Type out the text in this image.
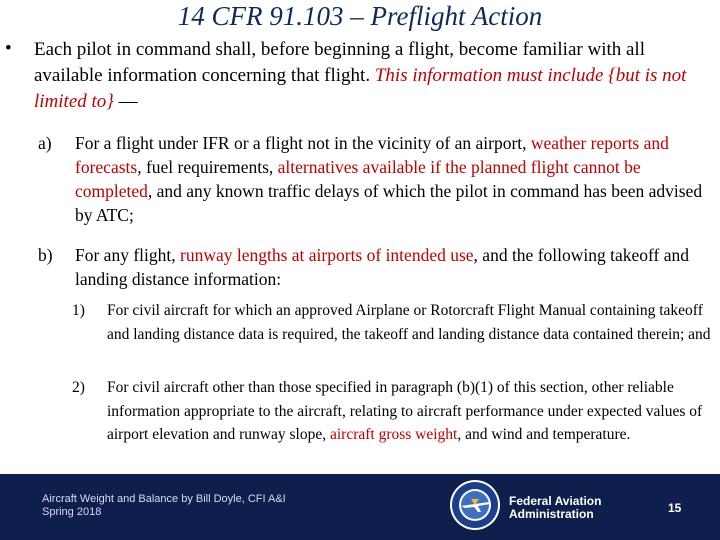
14 CFR 91.103 – Preflight Action
• Each pilot in command shall, before beginning a flight, become familiar with all available information concerning that flight. This information must include {but is not limited to} —
a) For a flight under IFR or a flight not in the vicinity of an airport, weather reports and forecasts, fuel requirements, alternatives available if the planned flight cannot be completed, and any known traffic delays of which the pilot in command has been advised by ATC;
b) For any flight, runway lengths at airports of intended use, and the following takeoff and landing distance information:
1) For civil aircraft for which an approved Airplane or Rotorcraft Flight Manual containing takeoff and landing distance data is required, the takeoff and landing distance data contained therein; and
2) For civil aircraft other than those specified in paragraph (b)(1) of this section, other reliable information appropriate to the aircraft, relating to aircraft performance under expected values of airport elevation and runway slope, aircraft gross weight, and wind and temperature.
Aircraft Weight and Balance by Bill Doyle, CFI A&I
Spring 2018
Federal Aviation
Administration	15
